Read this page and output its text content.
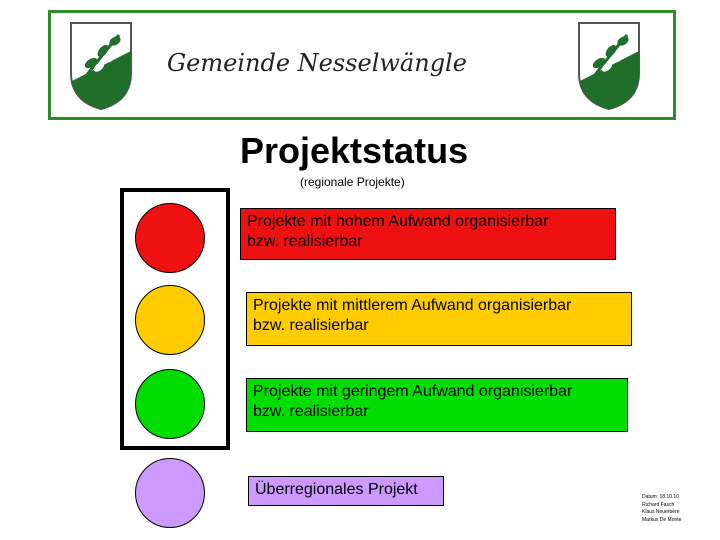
Gemeinde Nesselwängle
Projektstatus
(regionale Projekte)
Projekte mit hohem Aufwand organisierbar
bzw. realisierbar
Projekte mit mittlerem Aufwand organisierbar
bzw. realisierbar
Projekte mit geringem Aufwand organisierbar
bzw. realisierbar
Überregionales Projekt	Datum: 18.10.10
Richard Fasch
Klaus Neuerbere
Markus De Monte
